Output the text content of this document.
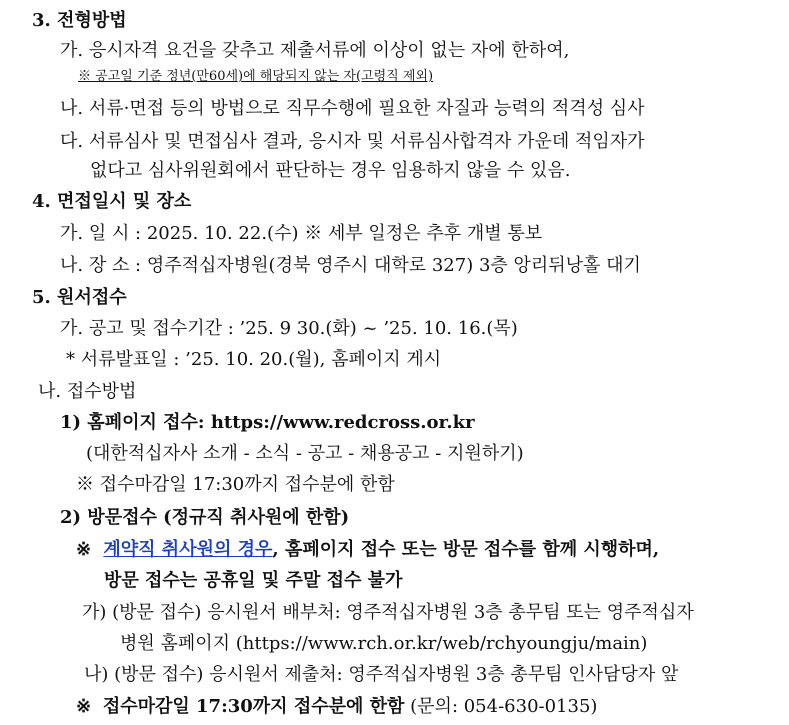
3. 전형방법
가. 응시자격 요건을 갖추고 제출서류에 이상이 없는 자에 한하여,
※ 공고일 기준 정년(만60세)에 해당되지 않는 자(고령직 제외)
나. 서류·면접 등의 방법으로 직무수행에 필요한 자질과 능력의 적격성 심사
다. 서류심사 및 면접심사 결과, 응시자 및 서류심사합격자 가운데 적임자가
없다고 심사위원회에서 판단하는 경우 임용하지 않을 수 있음.
4. 면접일시 및 장소
가. 일 시 : 2025. 10. 22.(수) ※ 세부 일정은 추후 개별 통보
나. 장 소 : 영주적십자병원(경북 영주시 대학로 327) 3층 앙리뒤낭홀 대기
5. 원서접수
가. 공고 및 접수기간 : ’25. 9 30.(화) ~ ’25. 10. 16.(목)
* 서류발표일 : ’25. 10. 20.(월), 홈페이지 게시
나. 접수방법
1) 홈페이지 접수: https://www.redcross.or.kr
(대한적십자사 소개 - 소식 - 공고 - 채용공고 - 지원하기)
※ 접수마감일 17:30까지 접수분에 한함
2) 방문접수 (정규직 취사원에 한함)
※ 계약직 취사원의 경우, 홈페이지 접수 또는 방문 접수를 함께 시행하며,
방문 접수는 공휴일 및 주말 접수 불가
가) (방문 접수) 응시원서 배부처: 영주적십자병원 3층 총무팀 또는 영주적십자
병원 홈페이지 (https://www.rch.or.kr/web/rchyoungju/main)
나) (방문 접수) 응시원서 제출처: 영주적십자병원 3층 총무팀 인사담당자 앞
※ 접수마감일 17:30까지 접수분에 한함 (문의: 054-630-0135)
